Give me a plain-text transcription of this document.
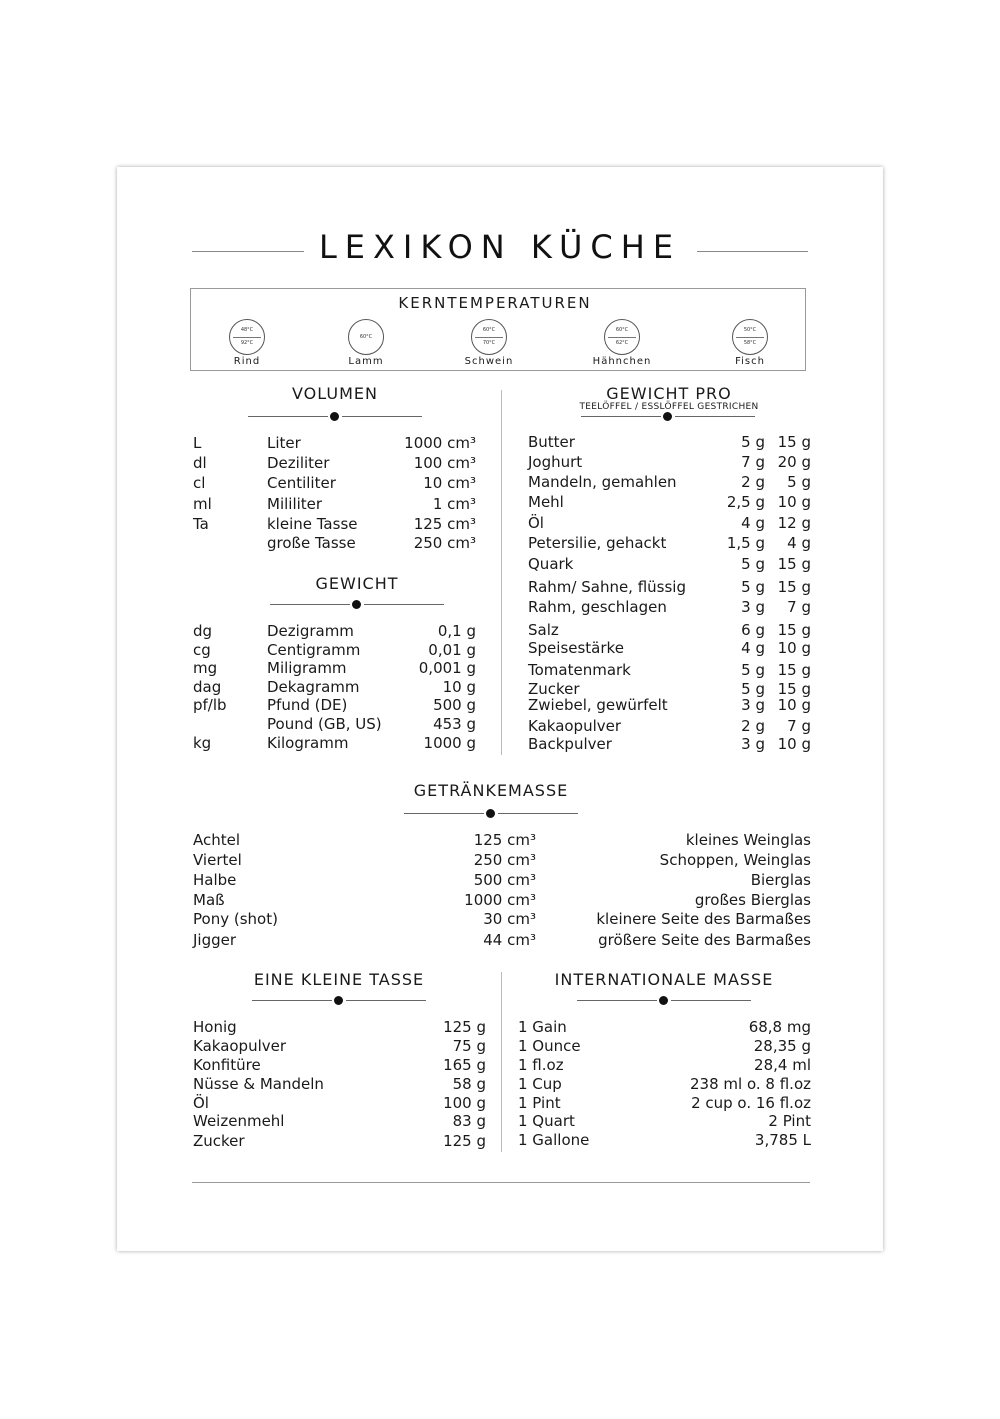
LEXIKON KÜCHE
KERNTEMPERATUREN
48°C
92°C
Rind
60°C
Lamm
60°C
70°C
Schwein
60°C
62°C
Hähnchen
50°C
58°C
Fisch
VOLUMEN	GEWICHT PRO
TEELÖFFEL / ESSLÖFFEL GESTRICHEN
GEWICHT
GETRÄNKEMASSE
EINE KLEINE TASSE	INTERNATIONALE MASSE
L	Liter	1000 cm³
dl	Deziliter	100 cm³
cl	Centiliter	10 cm³
ml	Mililiter	1 cm³
Ta	kleine Tasse	125 cm³
große Tasse	250 cm³
dg	Dezigramm	0,1 g
cg	Centigramm	0,01 g
mg	Miligramm	0,001 g
dag	Dekagramm	10 g
pf/lb	Pfund (DE)	500 g
Pound (GB, US)	453 g
kg	Kilogramm	1000 g
Butter	5 g 15 g
Joghurt	7 g 20 g
Mandeln, gemahlen	2 g	5 g
Mehl	2,5 g 10 g
Öl	4 g 12 g
Petersilie, gehackt	1,5 g	4 g
Quark	5 g 15 g
Rahm/ Sahne, flüssig	5 g 15 g
Rahm, geschlagen	3 g	7 g
Salz	6 g 15 g
Speisestärke	4 g 10 g
Tomatenmark	5 g 15 g
Zucker	5 g 15 g
Zwiebel, gewürfelt	3 g 10 g
Kakaopulver	2 g	7 g
Backpulver	3 g 10 g
Achtel	125 cm³	kleines Weinglas
Viertel	250 cm³	Schoppen, Weinglas
Halbe	500 cm³	Bierglas
Maß	1000 cm³	großes Bierglas
Pony (shot)	30 cm³	kleinere Seite des Barmaßes
Jigger	44 cm³	größere Seite des Barmaßes
Honig	125 g
Kakaopulver	75 g
Konfitüre	165 g
Nüsse & Mandeln	58 g
Öl	100 g
Weizenmehl	83 g
Zucker	125 g
1 Gain	68,8 mg
1 Ounce	28,35 g
1 fl.oz	28,4 ml
1 Cup	238 ml o. 8 fl.oz
1 Pint	2 cup o. 16 fl.oz
1 Quart	2 Pint
1 Gallone	3,785 L
